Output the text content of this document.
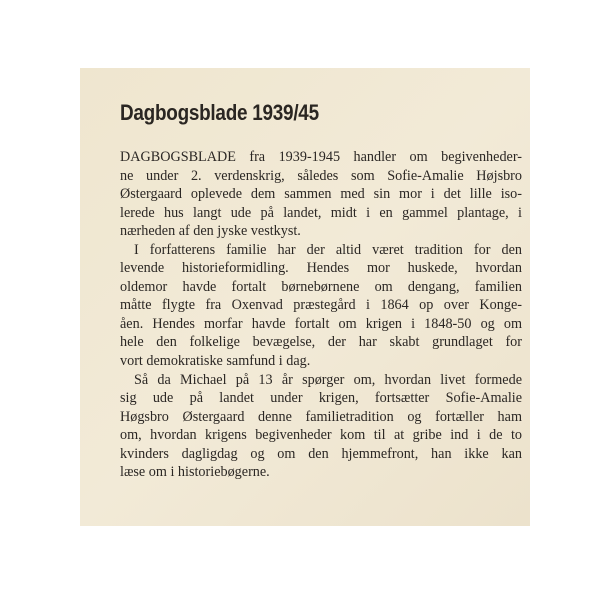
Dagbogsblade 1939/45
DAGBOGSBLADE fra 1939-1945 handler om begivenheder-
ne under 2. verdenskrig, således som Sofie-Amalie Højsbro
Østergaard oplevede dem sammen med sin mor i det lille iso-
lerede hus langt ude på landet, midt i en gammel plantage, i
nærheden af den jyske vestkyst.
I forfatterens familie har der altid været tradition for den
levende historieformidling. Hendes mor huskede, hvordan
oldemor havde fortalt børnebørnene om dengang, familien
måtte flygte fra Oxenvad præstegård i 1864 op over Konge-
åen. Hendes morfar havde fortalt om krigen i 1848-50 og om
hele den folkelige bevægelse, der har skabt grundlaget for
vort demokratiske samfund i dag.
Så da Michael på 13 år spørger om, hvordan livet formede
sig ude på landet under krigen, fortsætter Sofie-Amalie
Høgsbro Østergaard denne familietradition og fortæller ham
om, hvordan krigens begivenheder kom til at gribe ind i de to
kvinders dagligdag og om den hjemmefront, han ikke kan
læse om i historiebøgerne.
